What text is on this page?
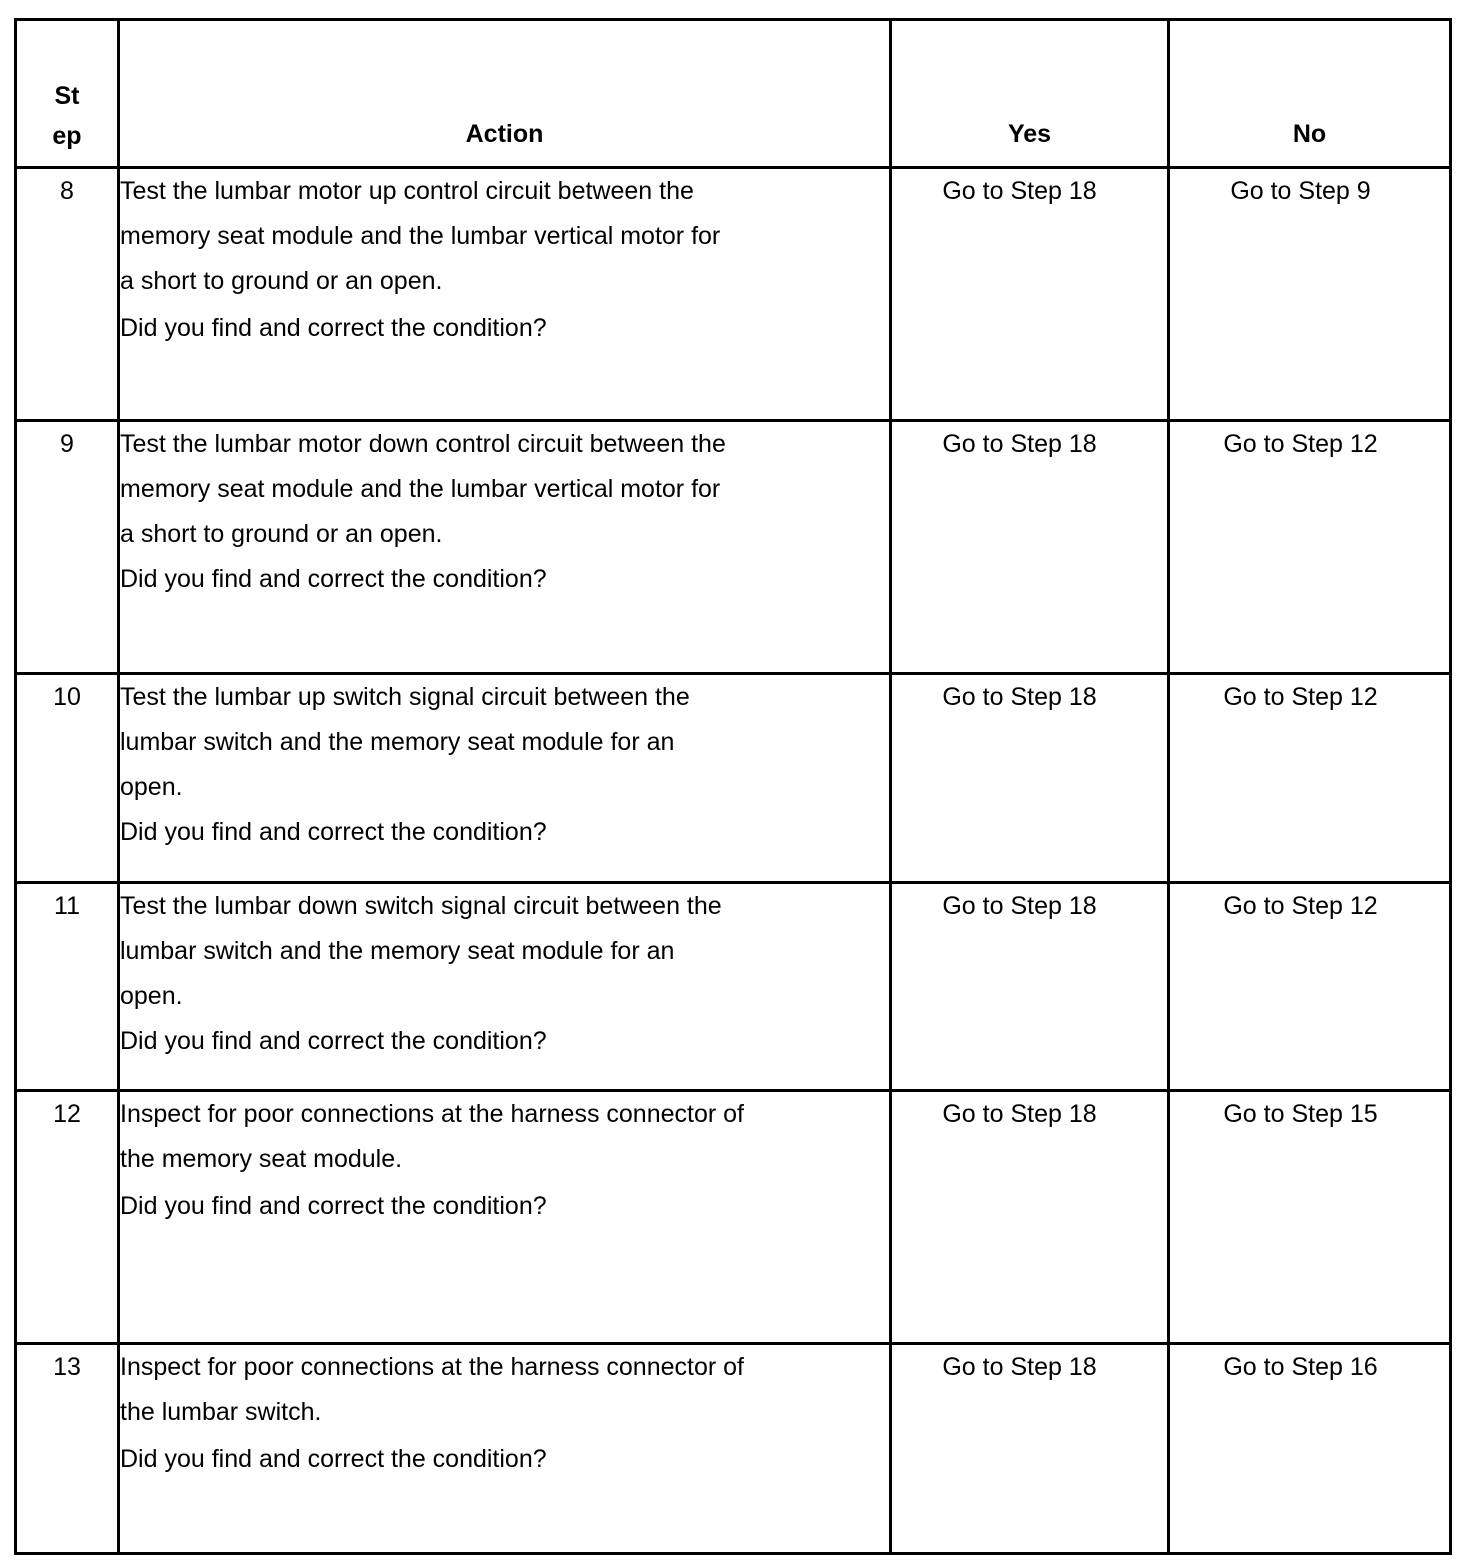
St
ep	Action	Yes	No

8	Test the lumbar motor up control circuit between the
memory seat module and the lumbar vertical motor for
a short to ground or an open.
Did you find and correct the condition?	Go to Step 18	Go to Step 9
9	Test the lumbar motor down control circuit between the
memory seat module and the lumbar vertical motor for
a short to ground or an open.
Did you find and correct the condition?	Go to Step 18	Go to Step 12
10	Test the lumbar up switch signal circuit between the
lumbar switch and the memory seat module for an
open.
Did you find and correct the condition?	Go to Step 18	Go to Step 12
11	Test the lumbar down switch signal circuit between the
lumbar switch and the memory seat module for an
open.
Did you find and correct the condition?	Go to Step 18	Go to Step 12
12	Inspect for poor connections at the harness connector of
the memory seat module.
Did you find and correct the condition?	Go to Step 18	Go to Step 15
13	Inspect for poor connections at the harness connector of
the lumbar switch.
Did you find and correct the condition?	Go to Step 18	Go to Step 16
